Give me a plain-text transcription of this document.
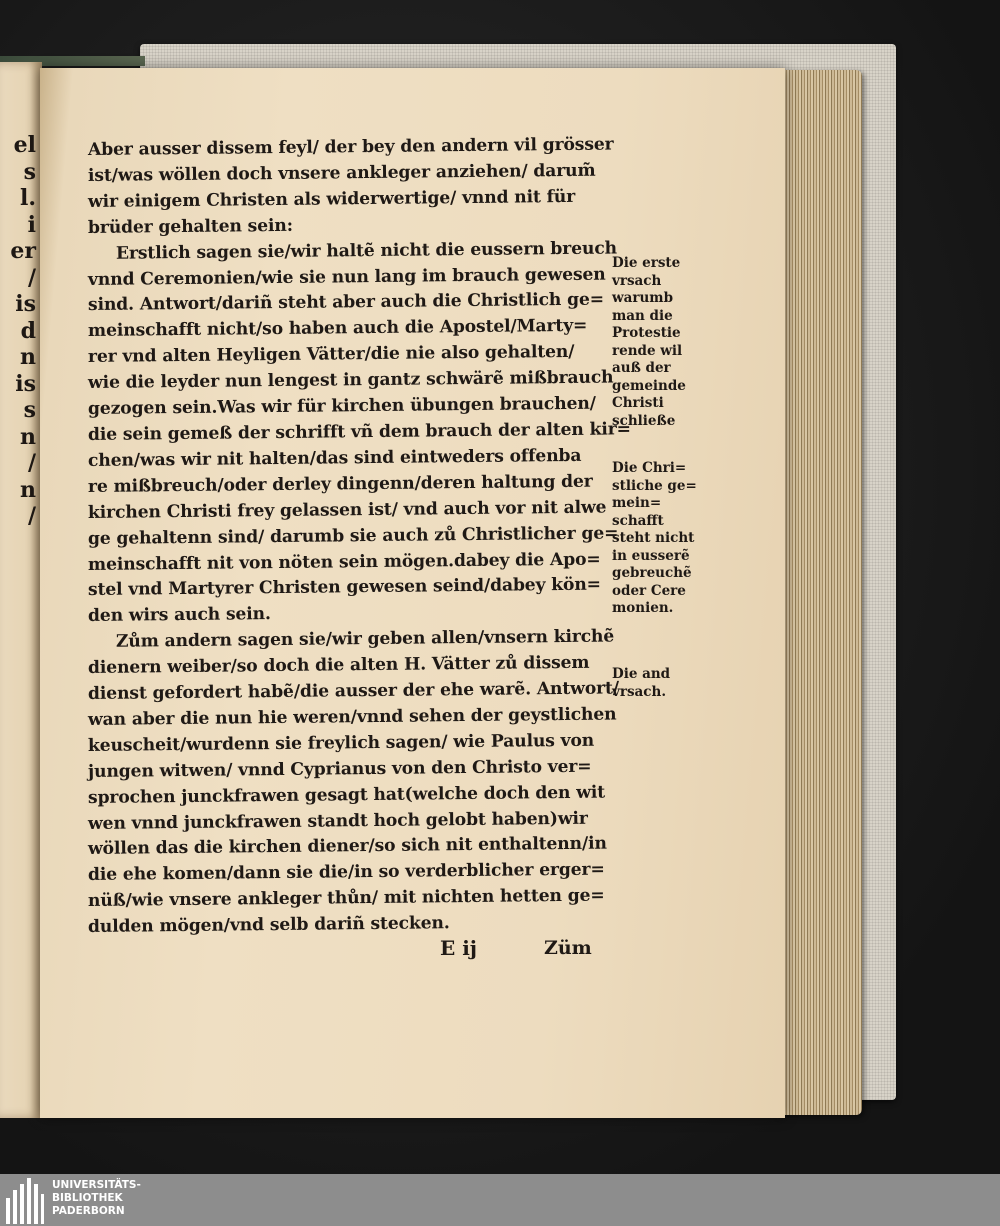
el
s
l.
i
er
/
is
d
n
is
s
n
/
n
/
Aber ausser dissem feyl/ der bey den andern vil grösser
ist/was wöllen doch vnsere ankleger anziehen/ darum̃
wir einigem Christen als widerwertige/ vnnd nit für
brüder gehalten sein:
Erstlich sagen sie/wir haltẽ nicht die eussern breuch
vnnd Ceremonien/wie sie nun lang im brauch gewesen
sind. Antwort/dariñ steht aber auch die Christlich ge=
meinschafft nicht/so haben auch die Apostel/Marty=
rer vnd alten Heyligen Vätter/die nie also gehalten/
wie die leyder nun lengest in gantz schwärẽ mißbrauch
gezogen sein.Was wir für kirchen übungen brauchen/
die sein gemeß der schrifft vñ dem brauch der alten kir=
chen/was wir nit halten/das sind eintweders offenba
re mißbreuch/oder derley dingenn/deren haltung der
kirchen Christi frey gelassen ist/ vnd auch vor nit alwe
ge gehaltenn sind/ darumb sie auch zů Christlicher ge=
meinschafft nit von nöten sein mögen.dabey die Apo=
stel vnd Martyrer Christen gewesen seind/dabey kön=
den wirs auch sein.
Zům andern sagen sie/wir geben allen/vnsern kirchẽ
dienern weiber/so doch die alten H. Vätter zů dissem
dienst gefordert habẽ/die ausser der ehe warẽ. Antwort/
wan aber die nun hie weren/vnnd sehen der geystlichen
keuscheit/wurdenn sie freylich sagen/ wie Paulus von
jungen witwen/ vnnd Cyprianus von den Christo ver=
sprochen junckfrawen gesagt hat(welche doch den wit
wen vnnd junckfrawen standt hoch gelobt haben)wir
wöllen das die kirchen diener/so sich nit enthaltenn/in
die ehe komen/dann sie die/in so verderblicher erger=
nüß/wie vnsere ankleger thůn/ mit nichten hetten ge=
dulden mögen/vnd selb dariñ stecken.
Die erste
vrsach
warumb
man die
Protestie
rende wil
auß der
gemeinde
Christi
schließe
Die Chri=
stliche ge=
mein=
schafft
steht nicht
in eusserẽ
gebreuchẽ
oder Cere
monien.
Die and
vrsach.
E ij	Züm
UNIVERSITÄTS-
BIBLIOTHEK
PADERBORN
